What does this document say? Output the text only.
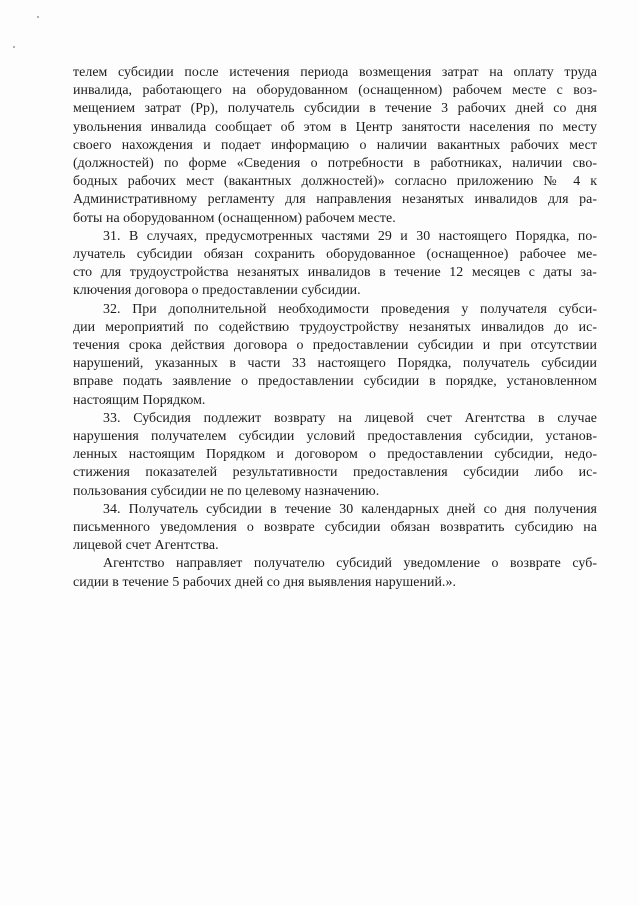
телем субсидии после истечения периода возмещения затрат на оплату труда
инвалида, работающего на оборудованном (оснащенном) рабочем месте с воз-
мещением затрат (Рр), получатель субсидии в течение 3 рабочих дней со дня
увольнения инвалида сообщает об этом в Центр занятости населения по месту
своего нахождения и подает информацию о наличии вакантных рабочих мест
(должностей) по форме «Сведения о потребности в работниках, наличии сво-
бодных рабочих мест (вакантных должностей)» согласно приложению № 4 к
Административному регламенту для направления незанятых инвалидов для ра-
боты на оборудованном (оснащенном) рабочем месте.

31. В случаях, предусмотренных частями 29 и 30 настоящего Порядка, по-
лучатель субсидии обязан сохранить оборудованное (оснащенное) рабочее ме-
сто для трудоустройства незанятых инвалидов в течение 12 месяцев с даты за-
ключения договора о предоставлении субсидии.

32. При дополнительной необходимости проведения у получателя субси-
дии мероприятий по содействию трудоустройству незанятых инвалидов до ис-
течения срока действия договора о предоставлении субсидии и при отсутствии
нарушений, указанных в части 33 настоящего Порядка, получатель субсидии
вправе подать заявление о предоставлении субсидии в порядке, установленном
настоящим Порядком.

33. Субсидия подлежит возврату на лицевой счет Агентства в случае
нарушения получателем субсидии условий предоставления субсидии, установ-
ленных настоящим Порядком и договором о предоставлении субсидии, недо-
стижения показателей результативности предоставления субсидии либо ис-
пользования субсидии не по целевому назначению.

34. Получатель субсидии в течение 30 календарных дней со дня получения
письменного уведомления о возврате субсидии обязан возвратить субсидию на
лицевой счет Агентства.

Агентство направляет получателю субсидий уведомление о возврате суб-
сидии в течение 5 рабочих дней со дня выявления нарушений.».
